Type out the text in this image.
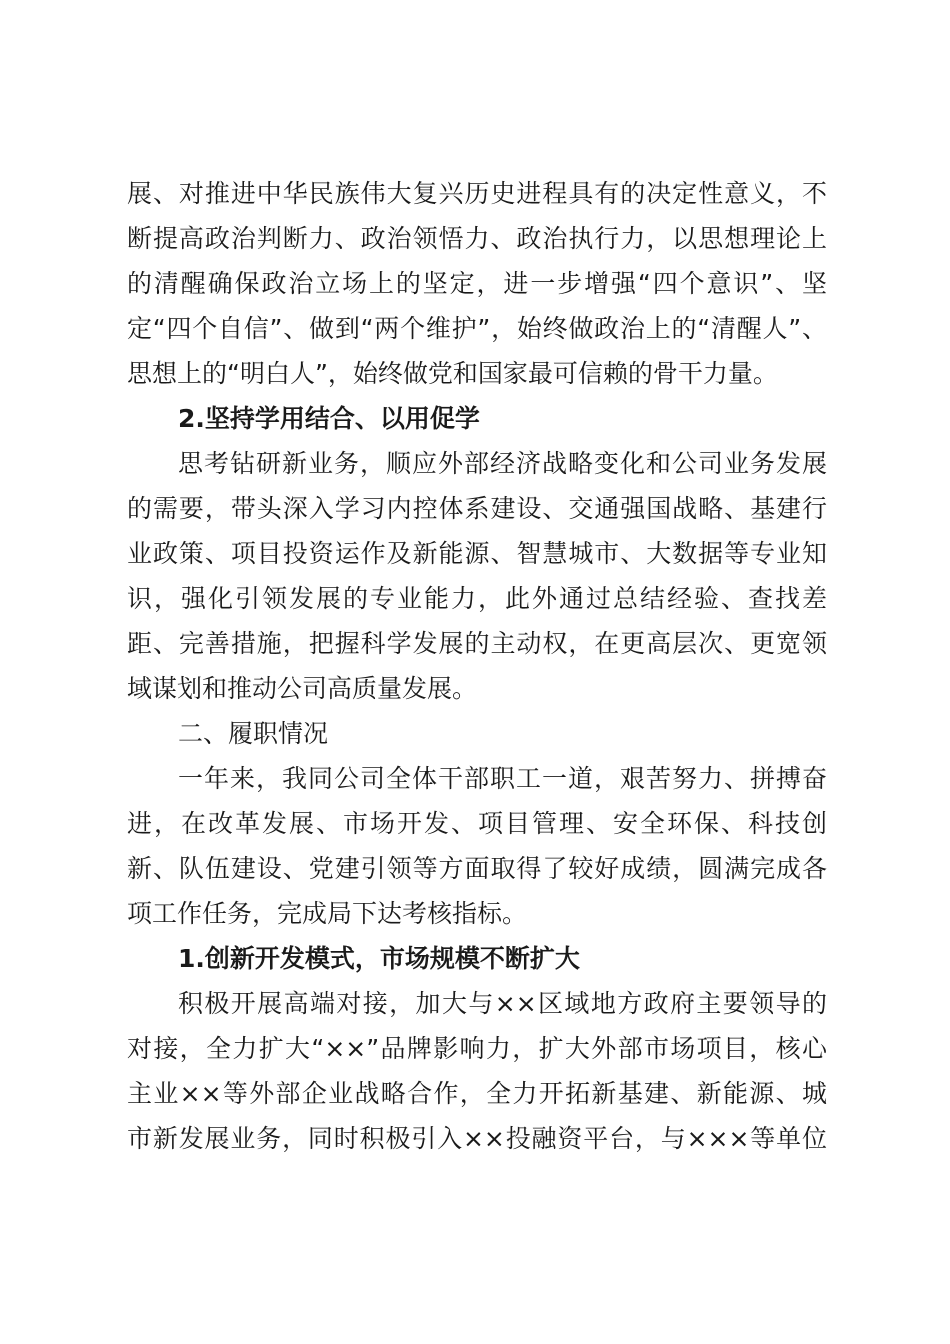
展、对推进中华民族伟大复兴历史进程具有的决定性意义，不
断提高政治判断力、政治领悟力、政治执行力，以思想理论上
的清醒确保政治立场上的坚定，进一步增强“四个意识”、坚
定“四个自信”、做到“两个维护”，始终做政治上的“清醒人”、
思想上的“明白人”，始终做党和国家最可信赖的骨干力量。
2.坚持学用结合、以用促学
思考钻研新业务，顺应外部经济战略变化和公司业务发展
的需要，带头深入学习内控体系建设、交通强国战略、基建行
业政策、项目投资运作及新能源、智慧城市、大数据等专业知
识，强化引领发展的专业能力，此外通过总结经验、查找差
距、完善措施，把握科学发展的主动权，在更高层次、更宽领
域谋划和推动公司高质量发展。
二、履职情况
一年来，我同公司全体干部职工一道，艰苦努力、拼搏奋
进，在改革发展、市场开发、项目管理、安全环保、科技创
新、队伍建设、党建引领等方面取得了较好成绩，圆满完成各
项工作任务，完成局下达考核指标。
1.创新开发模式，市场规模不断扩大
积极开展高端对接，加大与××区域地方政府主要领导的
对接，全力扩大“××”品牌影响力，扩大外部市场项目，核心
主业××等外部企业战略合作，全力开拓新基建、新能源、城
市新发展业务，同时积极引入××投融资平台，与×××等单位
